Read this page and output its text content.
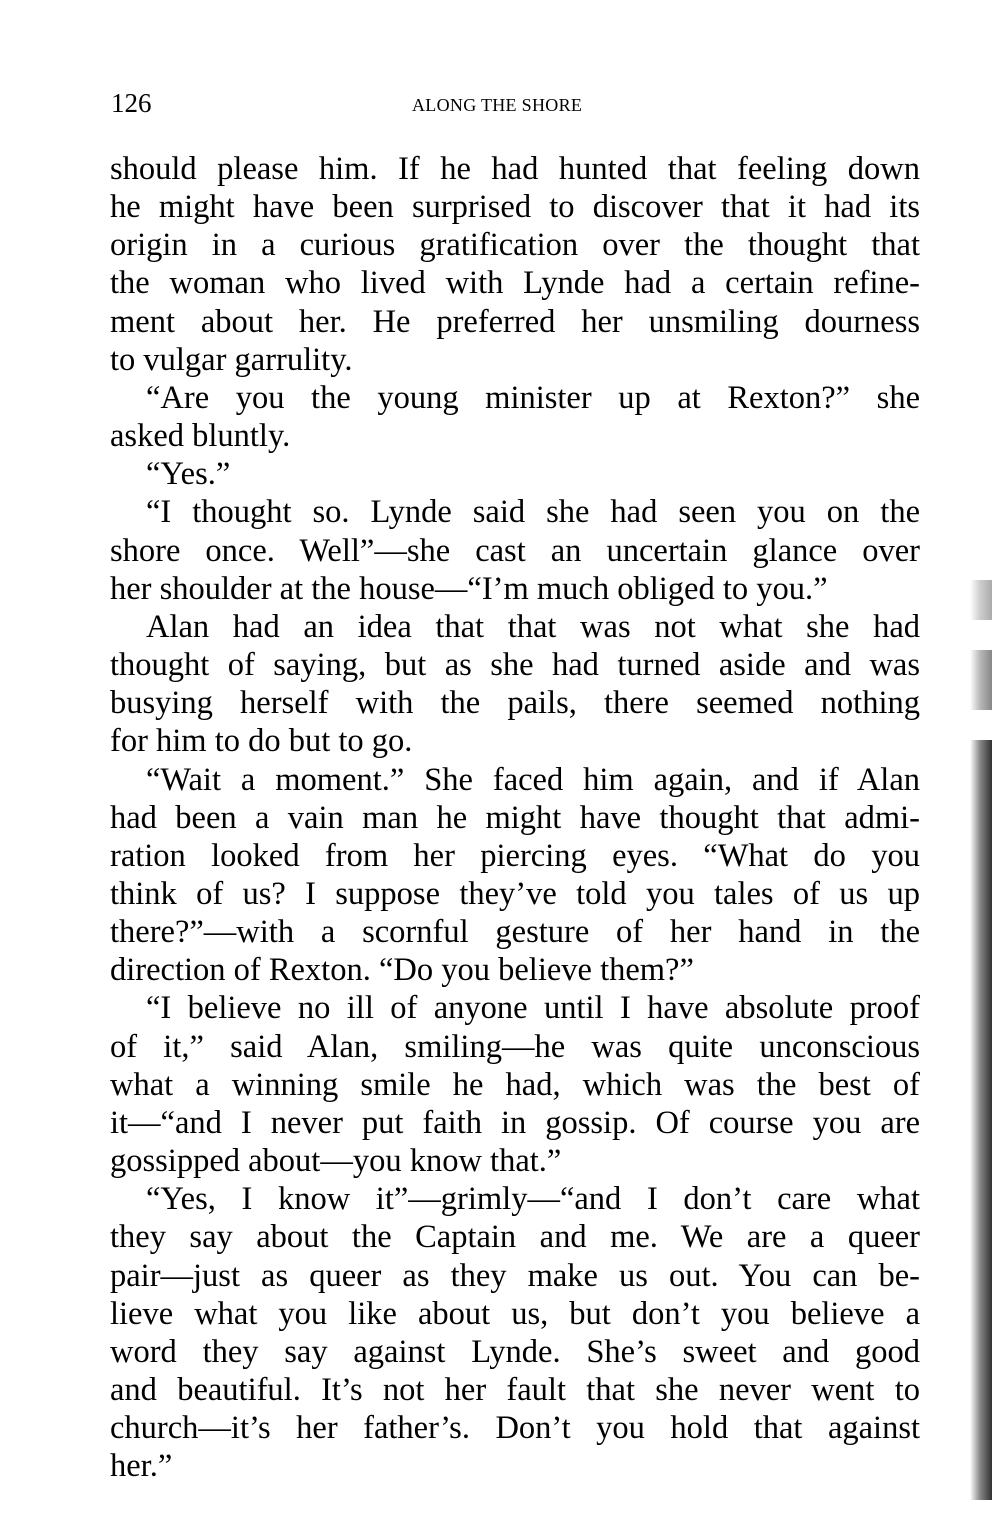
126	ALONG THE SHORE
should please him. If he had hunted that feeling down
he might have been surprised to discover that it had its
origin in a curious gratification over the thought that
the woman who lived with Lynde had a certain refine-
ment about her. He preferred her unsmiling dourness
to vulgar garrulity.
“Are you the young minister up at Rexton?” she
asked bluntly.
“Yes.”
“I thought so. Lynde said she had seen you on the
shore once. Well”—she cast an uncertain glance over
her shoulder at the house—“I’m much obliged to you.”
Alan had an idea that that was not what she had
thought of saying, but as she had turned aside and was
busying herself with the pails, there seemed nothing
for him to do but to go.
“Wait a moment.” She faced him again, and if Alan
had been a vain man he might have thought that admi-
ration looked from her piercing eyes. “What do you
think of us? I suppose they’ve told you tales of us up
there?”—with a scornful gesture of her hand in the
direction of Rexton. “Do you believe them?”
“I believe no ill of anyone until I have absolute proof
of it,” said Alan, smiling—he was quite unconscious
what a winning smile he had, which was the best of
it—“and I never put faith in gossip. Of course you are
gossipped about—you know that.”
“Yes, I know it”—grimly—“and I don’t care what
they say about the Captain and me. We are a queer
pair—just as queer as they make us out. You can be-
lieve what you like about us, but don’t you believe a
word they say against Lynde. She’s sweet and good
and beautiful. It’s not her fault that she never went to
church—it’s her father’s. Don’t you hold that against
her.”
